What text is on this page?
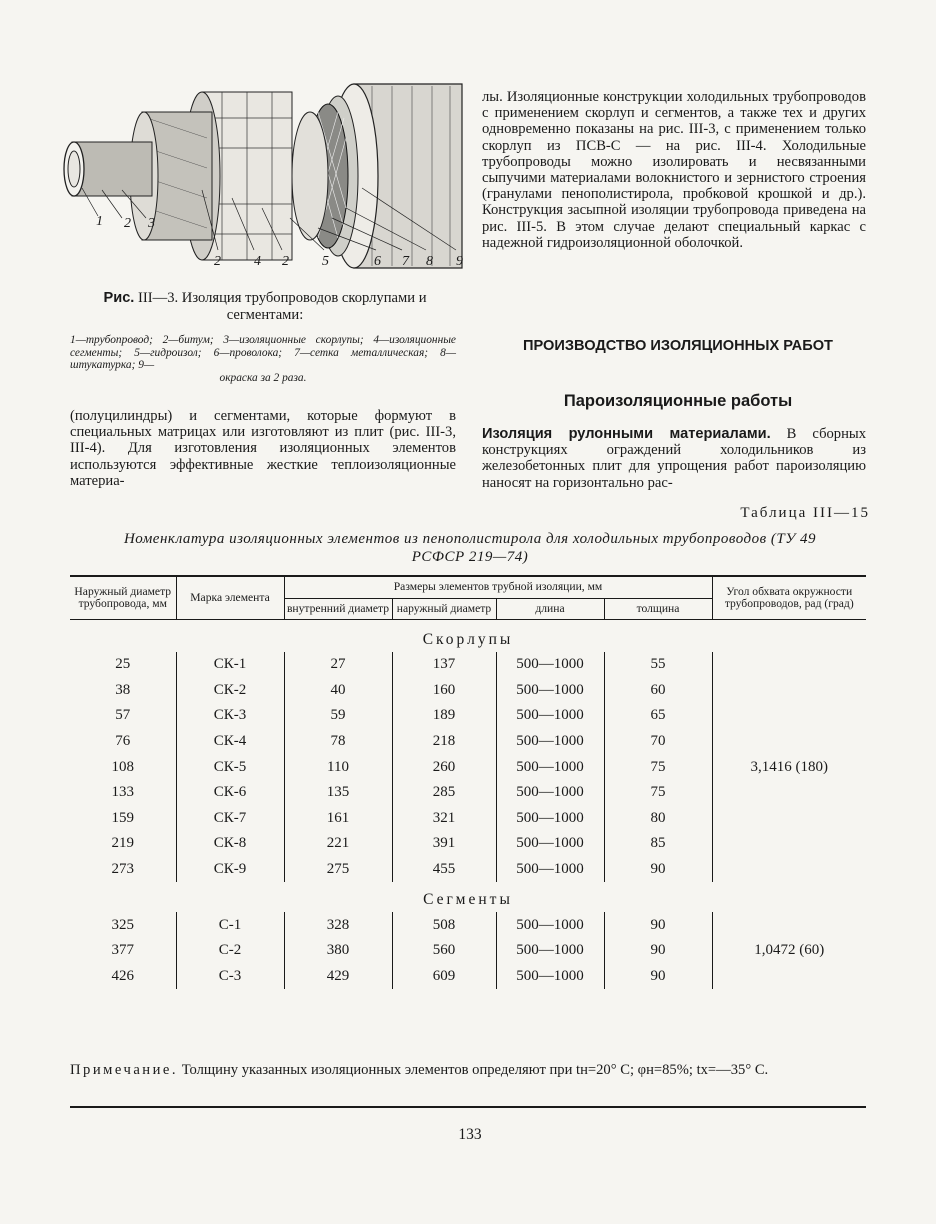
1 2 3
2 4 2 5	6 7 8 9
Рис. III—3. Изоляция трубопроводов скорлупами и сегментами:
1—трубопровод; 2—битум; 3—изоляционные скорлупы; 4—изоляционные сегменты; 5—гидроизол; 6—проволока; 7—сетка металлическая; 8—штукатурка; 9—
окраска за 2 раза.
(полуцилиндры) и сегментами, которые формуют в специальных матрицах или изготовляют из плит (рис. III-3, III-4). Для изготовления изоляционных элементов используются эффективные жесткие теплоизоляционные материа-
лы. Изоляционные конструкции холодильных трубопроводов с применением скорлуп и сегментов, а также тех и других одновременно показаны на рис. III-3, с применением только скорлуп из ПСВ-С — на рис. III-4. Холодильные трубопроводы можно изолировать и несвязанными сыпучими материалами волокнистого и зернистого строения (гранулами пенополистирола, пробковой крошкой и др.). Конструкция засыпной изоляции трубопровода приведена на рис. III-5. В этом случае делают специальный каркас с надежной гидроизоляционной оболочкой.
ПРОИЗВОДСТВО ИЗОЛЯЦИОННЫХ РАБОТ
Пароизоляционные работы
Изоляция рулонными материалами. В сборных конструкциях ограждений холодильников из железобетонных плит для упрощения работ пароизоляцию наносят на горизонтально рас-
Таблица III—15
Номенклатура изоляционных элементов из пенополистирола для холодильных трубопроводов (ТУ 49 РСФСР 219—74)
Наружный диаметр трубопровода, мм	Марка элемента	Размеры элементов трубной изоляции, мм				Угол обхвата окружности трубопроводов, рад (град)
		внутренний диаметр	наружный диаметр	длина	толщина	
Скорлупы						
25	СК-1	27	137	500—1000	55	3,1416 (180)
38	СК-2	40	160	500—1000	60	
57	СК-3	59	189	500—1000	65	
76	СК-4	78	218	500—1000	70	
108	СК-5	110	260	500—1000	75	
133	СК-6	135	285	500—1000	75	
159	СК-7	161	321	500—1000	80	
219	СК-8	221	391	500—1000	85	
273	СК-9	275	455	500—1000	90	
Сегменты						
325	С-1	328	508	500—1000	90	1,0472 (60)
377	С-2	380	560	500—1000	90	
426	С-3	429	609	500—1000	90	
Примечание. Толщину указанных изоляционных элементов определяют при tн=20° С; φн=85%; tх=—35° С.
133
